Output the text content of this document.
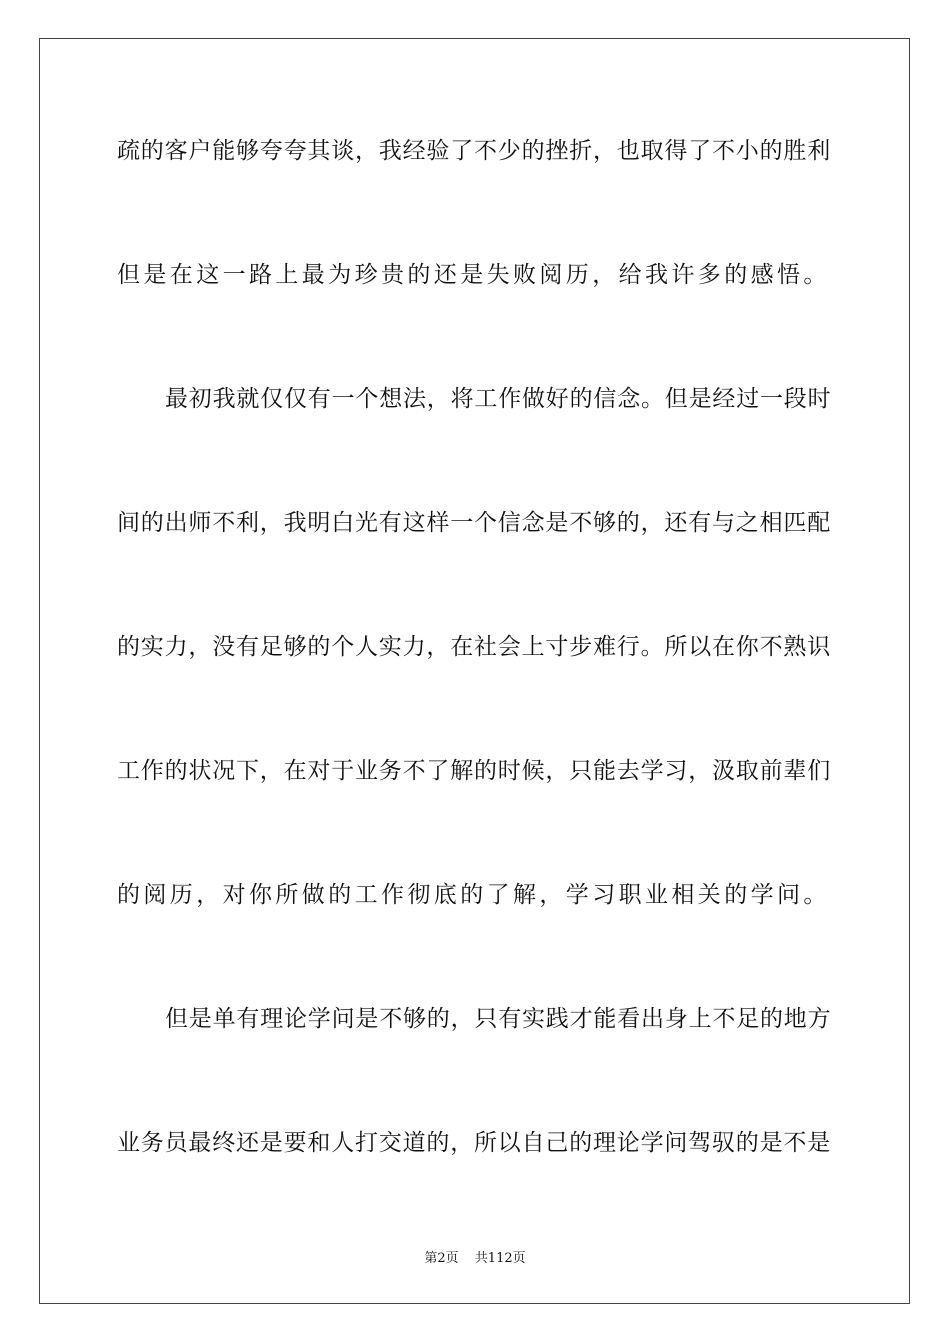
疏的客户能够夸夸其谈，我经验了不少的挫折，也取得了不小的胜利
但是在这一路上最为珍贵的还是失败阅历，给我许多的感悟。
最初我就仅仅有一个想法，将工作做好的信念。但是经过一段时
间的出师不利，我明白光有这样一个信念是不够的，还有与之相匹配
的实力，没有足够的个人实力，在社会上寸步难行。所以在你不熟识
工作的状况下，在对于业务不了解的时候，只能去学习，汲取前辈们
的阅历，对你所做的工作彻底的了解，学习职业相关的学问。
但是单有理论学问是不够的，只有实践才能看出身上不足的地方
业务员最终还是要和人打交道的，所以自己的理论学问驾驭的是不是
第2页 共112页
